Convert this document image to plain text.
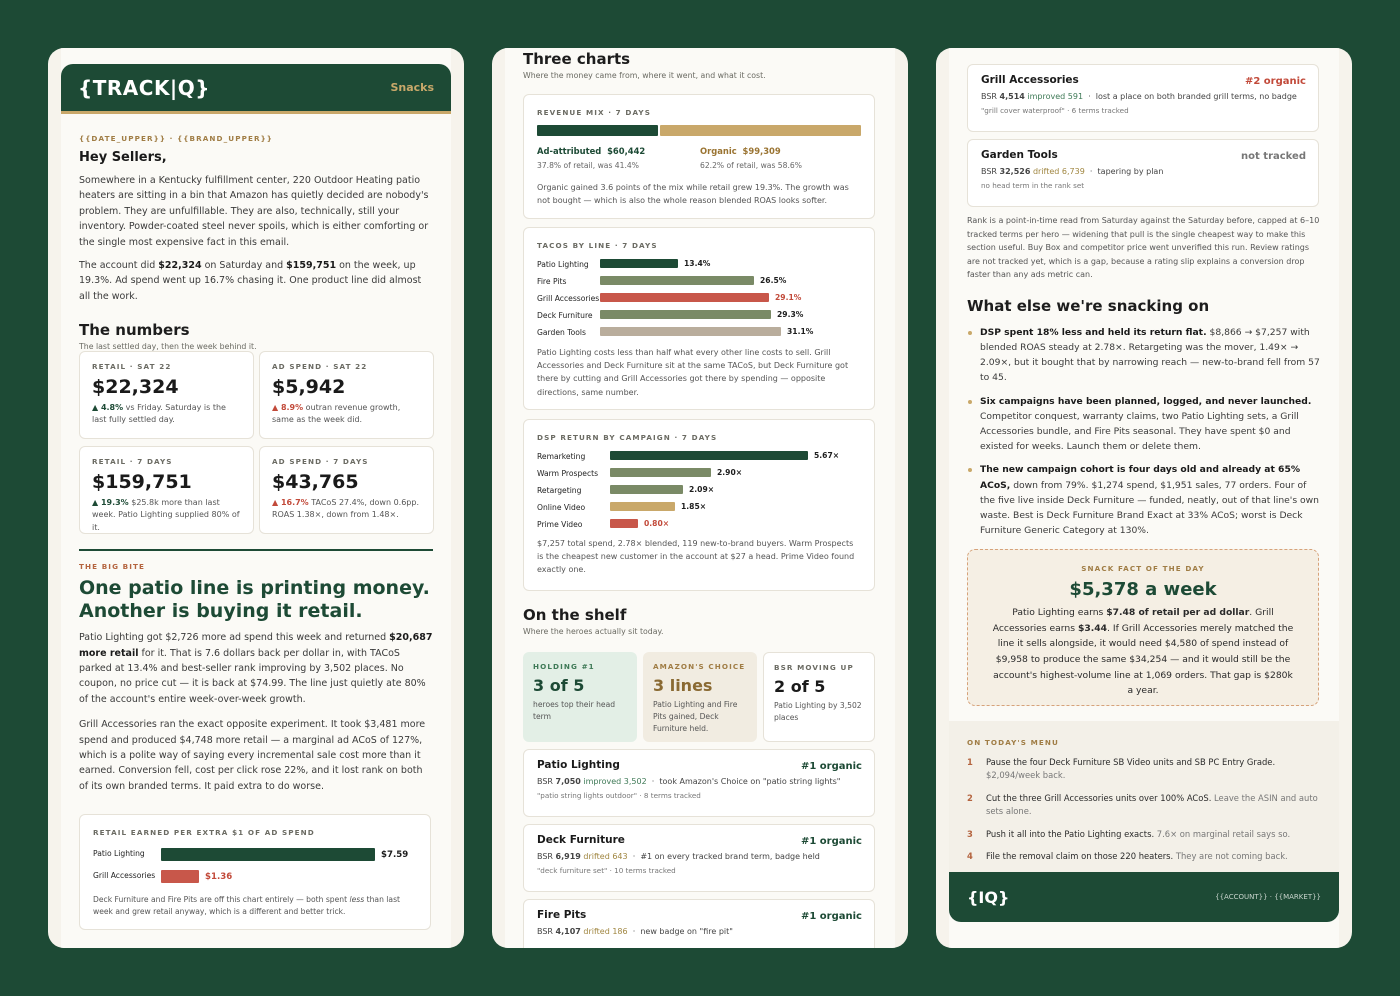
{TRACK|Q}	Snacks
{{DATE_UPPER}} · {{BRAND_UPPER}}
Hey Sellers,

Somewhere in a Kentucky fulfillment center, 220 Outdoor Heating patio heaters are sitting in a bin that Amazon has quietly decided are nobody's problem. They are unfulfillable. They are also, technically, still your inventory. Powder-coated steel never spoils, which is either comforting or the single most expensive fact in this email.

The account did $22,324 on Saturday and $159,751 on the week, up 19.3%. Ad spend went up 16.7% chasing it. One product line did almost all the work.

The numbers
The last settled day, then the week behind it.
RETAIL · SAT 22
$22,324
▲ 4.8% vs Friday. Saturday is the last fully settled day.
AD SPEND · SAT 22
$5,942
▲ 8.9% outran revenue growth, same as the week did.
RETAIL · 7 DAYS
$159,751
▲ 19.3% $25.8k more than last week. Patio Lighting supplied 80% of it.
AD SPEND · 7 DAYS
$43,765
▲ 16.7% TACoS 27.4%, down 0.6pp. ROAS 1.38×, down from 1.48×.
THE BIG BITE
One patio line is printing money.
Another is buying it retail.

Patio Lighting got $2,726 more ad spend this week and returned $20,687 more retail for it. That is 7.6 dollars back per dollar in, with TACoS parked at 13.4% and best-seller rank improving by 3,502 places. No coupon, no price cut — it is back at $74.99. The line just quietly ate 80% of the account's entire week-over-week growth.

Grill Accessories ran the exact opposite experiment. It took $3,481 more spend and produced $4,748 more retail — a marginal ad ACoS of 127%, which is a polite way of saying every incremental sale cost more than it earned. Conversion fell, cost per click rose 22%, and it lost rank on both of its own branded terms. It paid extra to do worse.

RETAIL EARNED PER EXTRA $1 OF AD SPEND
Patio Lighting	$7.59
Grill Accessories	$1.36
Deck Furniture and Fire Pits are off this chart entirely — both spent less than last week and grew retail anyway, which is a different and better trick.
Three charts
Where the money came from, where it went, and what it cost.
REVENUE MIX · 7 DAYS
Ad-attributed $60,442
37.8% of retail, was 41.4%
Organic $99,309
62.2% of retail, was 58.6%
Organic gained 3.6 points of the mix while retail grew 19.3%. The growth was not bought — which is also the whole reason blended ROAS looks softer.
TACOS BY LINE · 7 DAYS
Patio Lighting	13.4%
Fire Pits	26.5%
Grill Accessories	29.1%
Deck Furniture	29.3%
Garden Tools	31.1%
Patio Lighting costs less than half what every other line costs to sell. Grill Accessories and Deck Furniture sit at the same TACoS, but Deck Furniture got there by cutting and Grill Accessories got there by spending — opposite directions, same number.
DSP RETURN BY CAMPAIGN · 7 DAYS
Remarketing	5.67×
Warm Prospects	2.90×
Retargeting	2.09×
Online Video	1.85×
Prime Video	0.80×
$7,257 total spend, 2.78× blended, 119 new-to-brand buyers. Warm Prospects is the cheapest new customer in the account at $27 a head. Prime Video found exactly one.
On the shelf
Where the heroes actually sit today.
HOLDING #1
3 of 5
heroes top their head term
AMAZON'S CHOICE
3 lines
Patio Lighting and Fire Pits gained, Deck Furniture held.
BSR MOVING UP
2 of 5
Patio Lighting by 3,502 places
Patio Lighting	#1 organic
BSR 7,050 improved 3,502  ·  took Amazon's Choice on "patio string lights"
"patio string lights outdoor" · 8 terms tracked
Deck Furniture	#1 organic
BSR 6,919 drifted 643  ·  #1 on every tracked brand term, badge held
"deck furniture set" · 10 terms tracked
Fire Pits	#1 organic
BSR 4,107 drifted 186  ·  new badge on "fire pit"
Grill Accessories	#2 organic
BSR 4,514 improved 591  ·  lost a place on both branded grill terms, no badge
"grill cover waterproof" · 6 terms tracked
Garden Tools	not tracked
BSR 32,526 drifted 6,739  ·  tapering by plan
no head term in the rank set

Rank is a point-in-time read from Saturday against the Saturday before, capped at 6–10 tracked terms per hero — widening that pull is the single cheapest way to make this section useful. Buy Box and competitor price went unverified this run. Review ratings are not tracked yet, which is a gap, because a rating slip explains a conversion drop faster than any ads metric can.

What else we're snacking on
DSP spent 18% less and held its return flat. $8,866 → $7,257 with blended ROAS steady at 2.78×. Retargeting was the mover, 1.49× → 2.09×, but it bought that by narrowing reach — new-to-brand fell from 57 to 45.
Six campaigns have been planned, logged, and never launched. Competitor conquest, warranty claims, two Patio Lighting sets, a Grill Accessories bundle, and Fire Pits seasonal. They have spent $0 and existed for weeks. Launch them or delete them.
The new campaign cohort is four days old and already at 65% ACoS, down from 79%. $1,274 spend, $1,951 sales, 77 orders. Four of the five live inside Deck Furniture — funded, neatly, out of that line's own waste. Best is Deck Furniture Brand Exact at 33% ACoS; worst is Deck Furniture Generic Category at 130%.
SNACK FACT OF THE DAY
$5,378 a week
Patio Lighting earns $7.48 of retail per ad dollar. Grill Accessories earns $3.44. If Grill Accessories merely matched the line it sells alongside, it would need $4,580 of spend instead of $9,958 to produce the same $34,254 — and it would still be the account's highest-volume line at 1,069 orders. That gap is $280k a year.
ON TODAY'S MENU
1 Pause the four Deck Furniture SB Video units and SB PC Entry Grade. $2,094/week back.
2 Cut the three Grill Accessories units over 100% ACoS. Leave the ASIN and auto sets alone.
3 Push it all into the Patio Lighting exacts. 7.6× on marginal retail says so.
4 File the removal claim on those 220 heaters. They are not coming back.
{IQ}	{{ACCOUNT}} · {{MARKET}}
